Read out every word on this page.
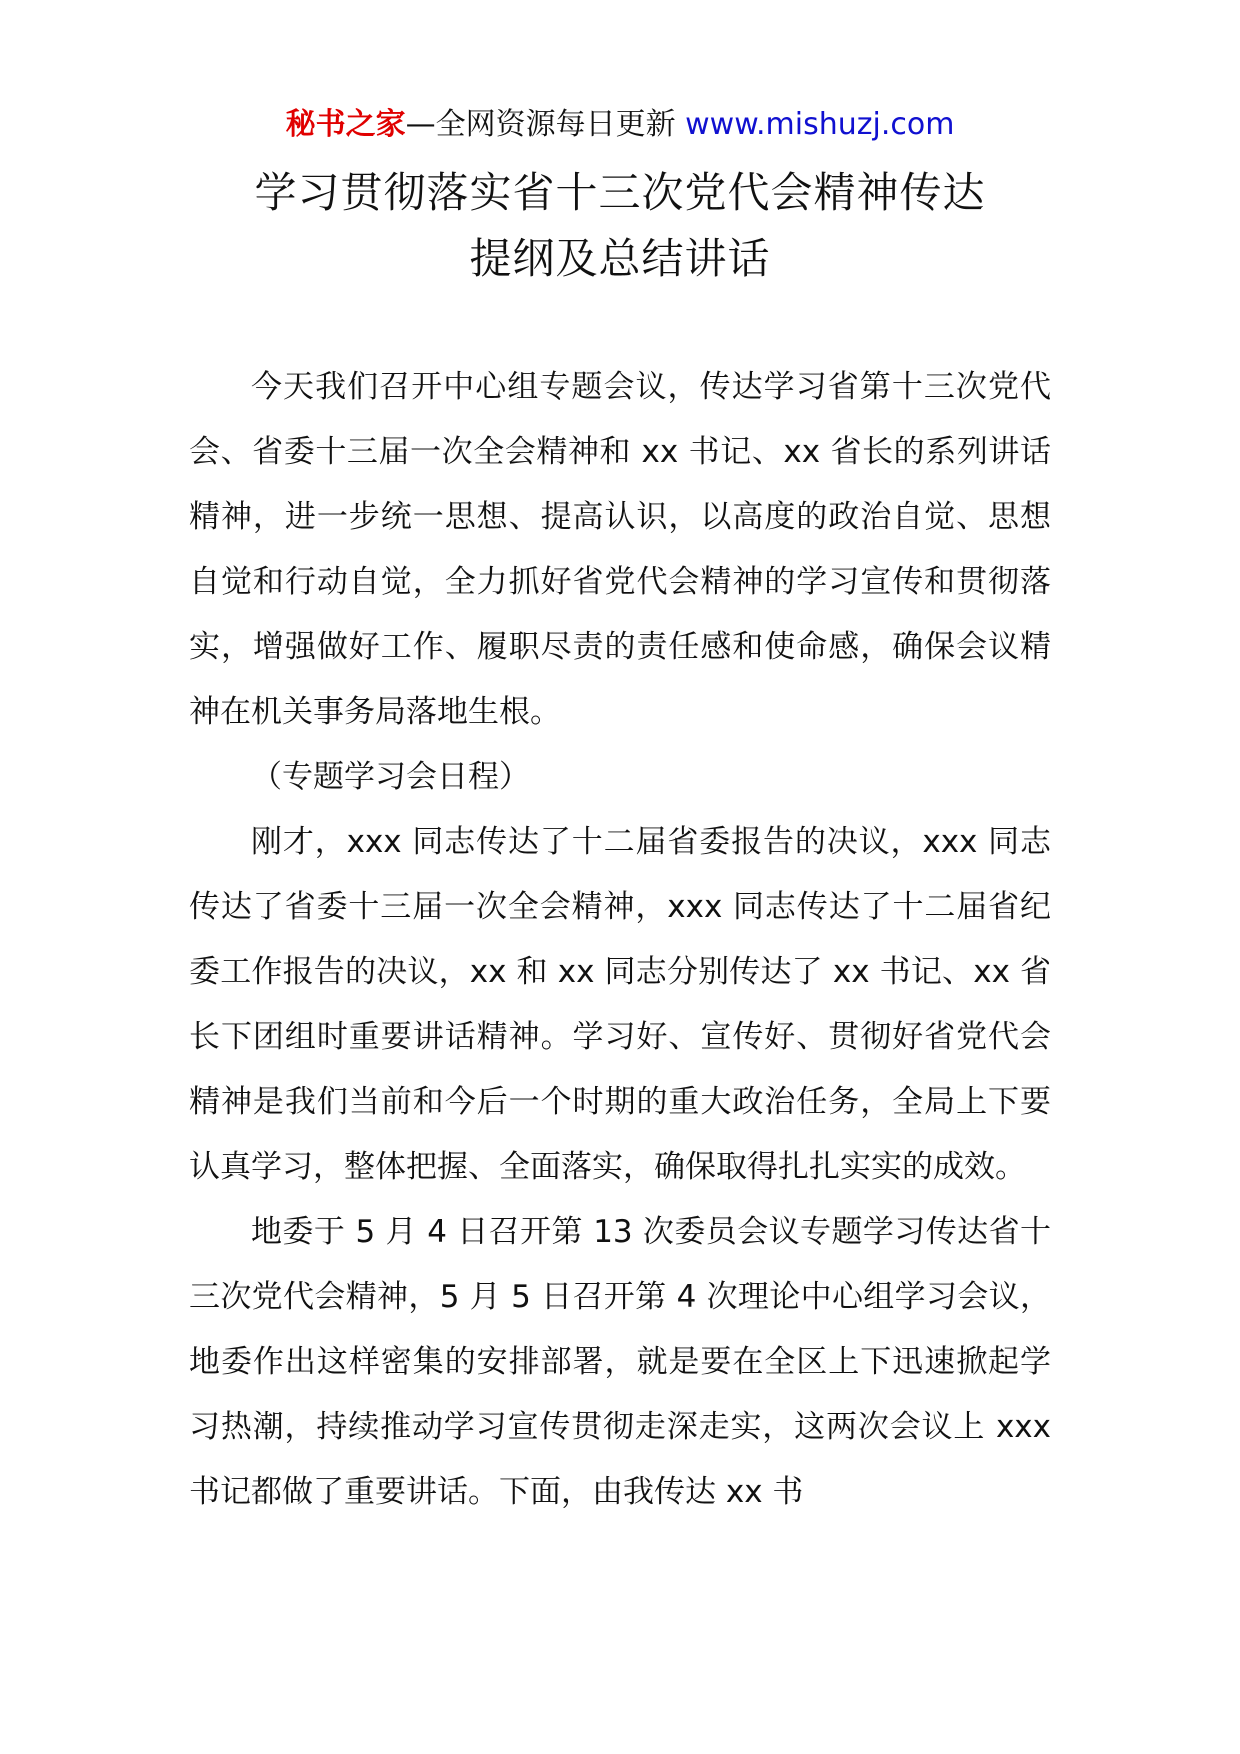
秘书之家—全网资源每日更新 www.mishuzj.com
学习贯彻落实省十三次党代会精神传达
提纲及总结讲话

今天我们召开中心组专题会议，传达学习省第十三次党代会、省委十三届一次全会精神和 xx 书记、xx 省长的系列讲话精神，进一步统一思想、提高认识，以高度的政治自觉、思想自觉和行动自觉，全力抓好省党代会精神的学习宣传和贯彻落实，增强做好工作、履职尽责的责任感和使命感，确保会议精神在机关事务局落地生根。

（专题学习会日程）

刚才，xxx 同志传达了十二届省委报告的决议，xxx 同志传达了省委十三届一次全会精神，xxx 同志传达了十二届省纪委工作报告的决议，xx 和 xx 同志分别传达了 xx 书记、xx 省长下团组时重要讲话精神。学习好、宣传好、贯彻好省党代会精神是我们当前和今后一个时期的重大政治任务，全局上下要认真学习，整体把握、全面落实，确保取得扎扎实实的成效。

地委于 5 月 4 日召开第 13 次委员会议专题学习传达省十三次党代会精神，5 月 5 日召开第 4 次理论中心组学习会议，地委作出这样密集的安排部署，就是要在全区上下迅速掀起学习热潮，持续推动学习宣传贯彻走深走实，这两次会议上 xxx 书记都做了重要讲话。下面，由我传达 xx 书
